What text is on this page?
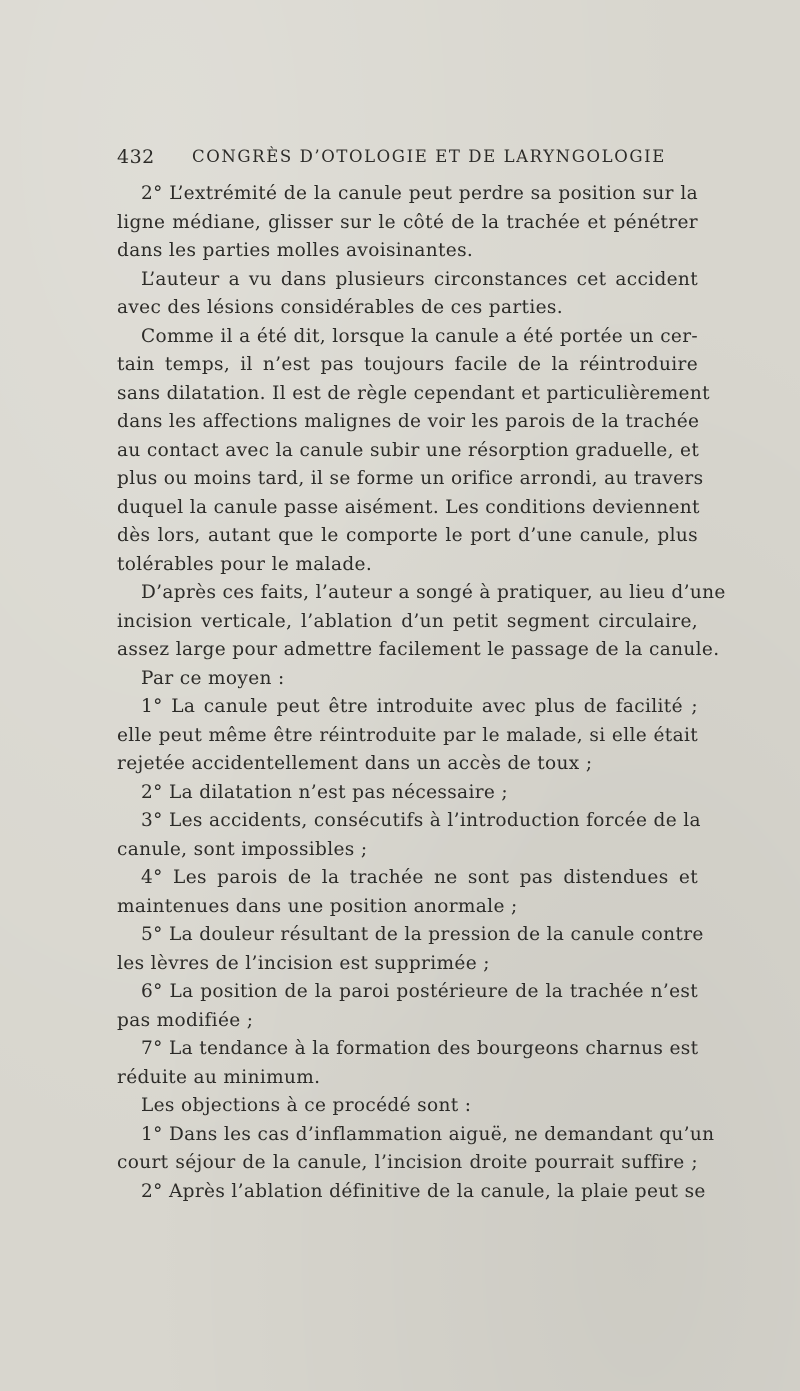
432 CONGRÈS D’OTOLOGIE ET DE LARYNGOLOGIE
2° L’extrémité de la canule peut perdre sa position sur la
ligne médiane, glisser sur le côté de la trachée et pénétrer
dans les parties molles avoisinantes.
L’auteur a vu dans plusieurs circonstances cet accident
avec des lésions considérables de ces parties.
Comme il a été dit, lorsque la canule a été portée un cer-
tain temps, il n’est pas toujours facile de la réintroduire
sans dilatation. Il est de règle cependant et particulièrement
dans les affections malignes de voir les parois de la trachée
au contact avec la canule subir une résorption graduelle, et
plus ou moins tard, il se forme un orifice arrondi, au travers
duquel la canule passe aisément. Les conditions deviennent
dès lors, autant que le comporte le port d’une canule, plus
tolérables pour le malade.
D’après ces faits, l’auteur a songé à pratiquer, au lieu d’une
incision verticale, l’ablation d’un petit segment circulaire,
assez large pour admettre facilement le passage de la canule.
Par ce moyen :
1° La canule peut être introduite avec plus de facilité ;
elle peut même être réintroduite par le malade, si elle était
rejetée accidentellement dans un accès de toux ;
2° La dilatation n’est pas nécessaire ;
3° Les accidents, consécutifs à l’introduction forcée de la
canule, sont impossibles ;
4° Les parois de la trachée ne sont pas distendues et
maintenues dans une position anormale ;
5° La douleur résultant de la pression de la canule contre
les lèvres de l’incision est supprimée ;
6° La position de la paroi postérieure de la trachée n’est
pas modifiée ;
7° La tendance à la formation des bourgeons charnus est
réduite au minimum.
Les objections à ce procédé sont :
1° Dans les cas d’inflammation aiguë, ne demandant qu’un
court séjour de la canule, l’incision droite pourrait suffire ;
2° Après l’ablation définitive de la canule, la plaie peut se
